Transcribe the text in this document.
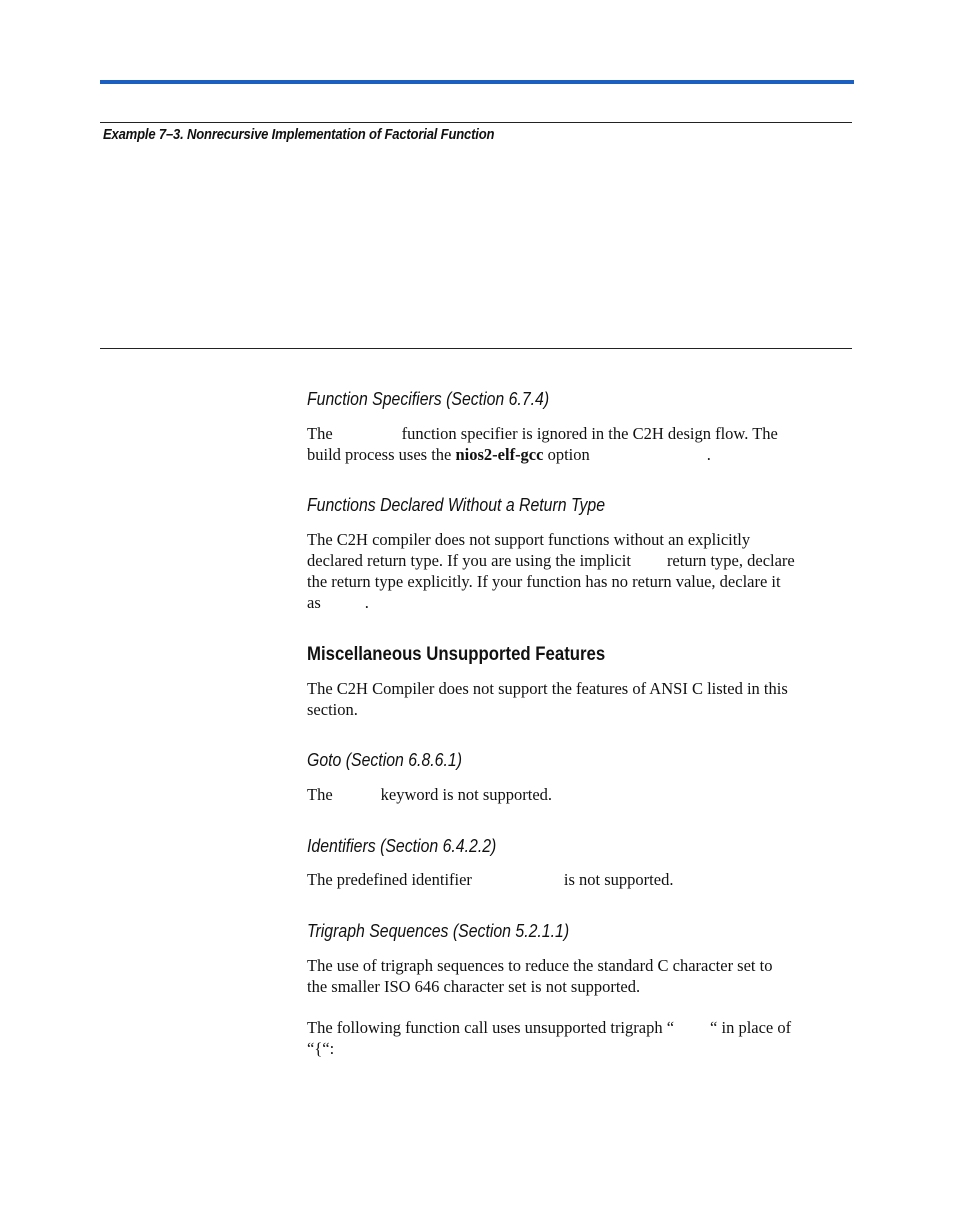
Example 7–3. Nonrecursive Implementation of Factorial Function

Function Specifiers (Section 6.7.4)

The	function specifier is ignored in the C2H design flow. The
build process uses the nios2-elf-gcc option	.

Functions Declared Without a Return Type

The C2H compiler does not support functions without an explicitly
declared return type. If you are using the implicit return type, declare
the return type explicitly. If your function has no return value, declare it
as	.

Miscellaneous Unsupported Features

The C2H Compiler does not support the features of ANSI C listed in this
section.

Goto (Section 6.8.6.1)

The	keyword is not supported.

Identifiers (Section 6.4.2.2)

The predefined identifier	is not supported.

Trigraph Sequences (Section 5.2.1.1)

The use of trigraph sequences to reduce the standard C character set to
the smaller ISO 646 character set is not supported.

The following function call uses unsupported trigraph “ “ in place of
“{“:
